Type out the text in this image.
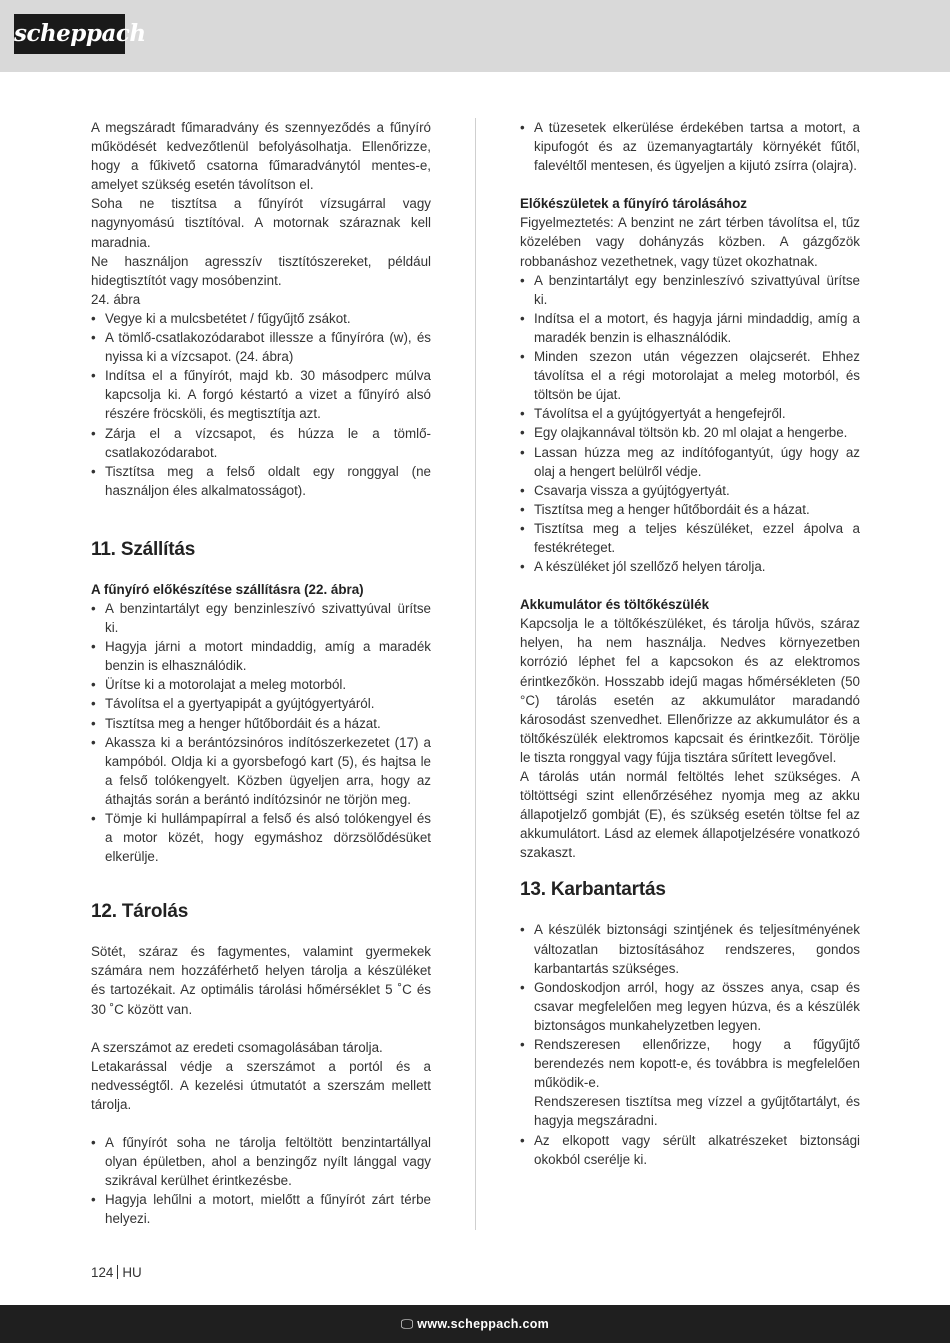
scheppach

A megszáradt fűmaradvány és szennyeződés a fűnyíró működését kedvezőtlenül befolyásolhatja. Ellenőrizze, hogy a fűkivető csatorna fűmaradványtól mentes-e, amelyet szükség esetén távolítson el.

Soha ne tisztítsa a fűnyírót vízsugárral vagy nagynyomású tisztítóval. A motornak száraznak kell maradnia.

Ne használjon agresszív tisztítószereket, például hidegtisztítót vagy mosóbenzint.

24. ábra

• Vegye ki a mulcsbetétet / fűgyűjtő zsákot.
• A tömlő-csatlakozódarabot illessze a fűnyíróra (w), és nyissa ki a vízcsapot. (24. ábra)
• Indítsa el a fűnyírót, majd kb. 30 másodperc múlva kapcsolja ki. A forgó késtartó a vizet a fűnyíró alsó részére fröcsköli, és megtisztítja azt.
• Zárja el a vízcsapot, és húzza le a tömlő-csatlakozódarabot.
• Tisztítsa meg a felső oldalt egy ronggyal (ne használjon éles alkalmatosságot).
11. Szállítás

A fűnyíró előkészítése szállításra (22. ábra)

• A benzintartályt egy benzinleszívó szivattyúval ürítse ki.
• Hagyja járni a motort mindaddig, amíg a maradék benzin is elhasználódik.
• Ürítse ki a motorolajat a meleg motorból.
• Távolítsa el a gyertyapipát a gyújtógyertyáról.
• Tisztítsa meg a henger hűtőbordáit és a házat.
• Akassza ki a berántózsinóros indítószerkezetet (17) a kampóból. Oldja ki a gyorsbefogó kart (5), és hajtsa le a felső tolókengyelt. Közben ügyeljen arra, hogy az áthajtás során a berántó indítózsinór ne törjön meg.
• Tömje ki hullámpapírral a felső és alsó tolókengyel és a motor közét, hogy egymáshoz dörzsölődésüket elkerülje.
12. Tárolás

Sötét, száraz és fagymentes, valamint gyermekek számára nem hozzáférhető helyen tárolja a készüléket és tartozékait. Az optimális tárolási hőmérséklet 5 ˚C és 30 ˚C között van.

A szerszámot az eredeti csomagolásában tárolja.

Letakarással védje a szerszámot a portól és a nedvességtől. A kezelési útmutatót a szerszám mellett tárolja.

• A fűnyírót soha ne tárolja feltöltött benzintartállyal olyan épületben, ahol a benzingőz nyílt lánggal vagy szikrával kerülhet érintkezésbe.
• Hagyja lehűlni a motort, mielőtt a fűnyírót zárt térbe helyezi.
• A tüzesetek elkerülése érdekében tartsa a motort, a kipufogót és az üzemanyagtartály környékét fűtől, falevéltől mentesen, és ügyeljen a kijutó zsírra (olajra).

Előkészületek a fűnyíró tárolásához

Figyelmeztetés: A benzint ne zárt térben távolítsa el, tűz közelében vagy dohányzás közben. A gázgőzök robbanáshoz vezethetnek, vagy tüzet okozhatnak.

• A benzintartályt egy benzinleszívó szivattyúval ürítse ki.
• Indítsa el a motort, és hagyja járni mindaddig, amíg a maradék benzin is elhasználódik.
• Minden szezon után végezzen olajcserét. Ehhez távolítsa el a régi motorolajat a meleg motorból, és töltsön be újat.
• Távolítsa el a gyújtógyertyát a hengefejről.
• Egy olajkannával töltsön kb. 20 ml olajat a hengerbe.
• Lassan húzza meg az indítófogantyút, úgy hogy az olaj a hengert belülről védje.
• Csavarja vissza a gyújtógyertyát.
• Tisztítsa meg a henger hűtőbordáit és a házat.
• Tisztítsa meg a teljes készüléket, ezzel ápolva a festékréteget.
• A készüléket jól szellőző helyen tárolja.

Akkumulátor és töltőkészülék

Kapcsolja le a töltőkészüléket, és tárolja hűvös, száraz helyen, ha nem használja. Nedves környezetben korrózió léphet fel a kapcsokon és az elektromos érintkezőkön. Hosszabb idejű magas hőmérsékleten (50 °C) tárolás esetén az akkumulátor maradandó károsodást szenvedhet. Ellenőrizze az akkumulátor és a töltőkészülék elektromos kapcsait és érintkezőit. Törölje le tiszta ronggyal vagy fújja tisztára sűrített levegővel.

A tárolás után normál feltöltés lehet szükséges. A töltöttségi szint ellenőrzéséhez nyomja meg az akku állapotjelző gombját (E), és szükség esetén töltse fel az akkumulátort. Lásd az elemek állapotjelzésére vonatkozó szakaszt.

13. Karbantartás
• A készülék biztonsági szintjének és teljesítményének változatlan biztosításához rendszeres, gondos karbantartás szükséges.
• Gondoskodjon arról, hogy az összes anya, csap és csavar megfelelően meg legyen húzva, és a készülék biztonságos munkahelyzetben legyen.
• Rendszeresen ellenőrizze, hogy a fűgyűjtő berendezés nem kopott-e, és továbbra is megfelelően működik-e.
Rendszeresen tisztítsa meg vízzel a gyűjtőtartályt, és hagyja megszáradni.
• Az elkopott vagy sérült alkatrészeket biztonsági okokból cserélje ki.
124 HU
🖵 www.scheppach.com
